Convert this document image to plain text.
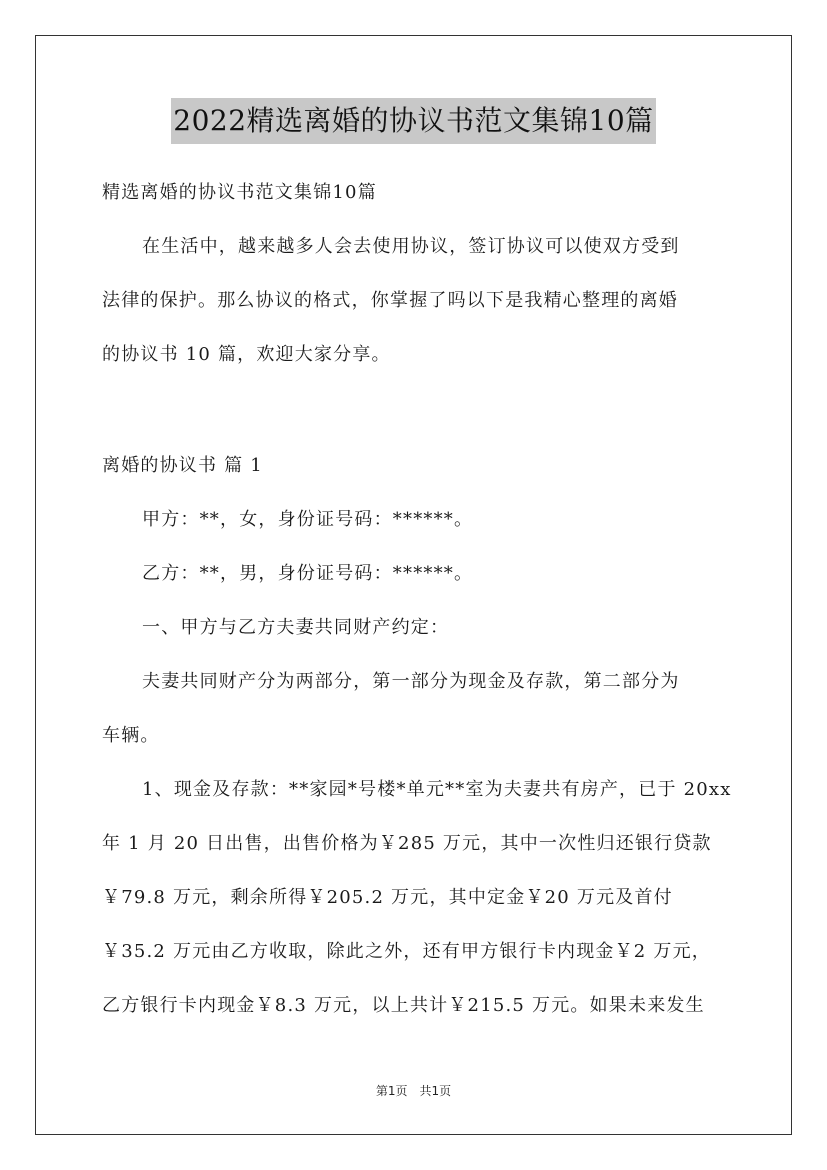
2022精选离婚的协议书范文集锦10篇
精选离婚的协议书范文集锦10篇
在生活中，越来越多人会去使用协议，签订协议可以使双方受到
法律的保护。那么协议的格式，你掌握了吗以下是我精心整理的离婚
的协议书 10 篇，欢迎大家分享。
离婚的协议书 篇 1
甲方：**，女，身份证号码：******。
乙方：**，男，身份证号码：******。
一、甲方与乙方夫妻共同财产约定：
夫妻共同财产分为两部分，第一部分为现金及存款，第二部分为
车辆。
1、现金及存款：**家园*号楼*单元**室为夫妻共有房产，已于 20xx
年 1 月 20 日出售，出售价格为￥285 万元，其中一次性归还银行贷款
￥79.8 万元，剩余所得￥205.2 万元，其中定金￥20 万元及首付
￥35.2 万元由乙方收取，除此之外，还有甲方银行卡内现金￥2 万元，
乙方银行卡内现金￥8.3 万元，以上共计￥215.5 万元。如果未来发生
第1页　共1页
